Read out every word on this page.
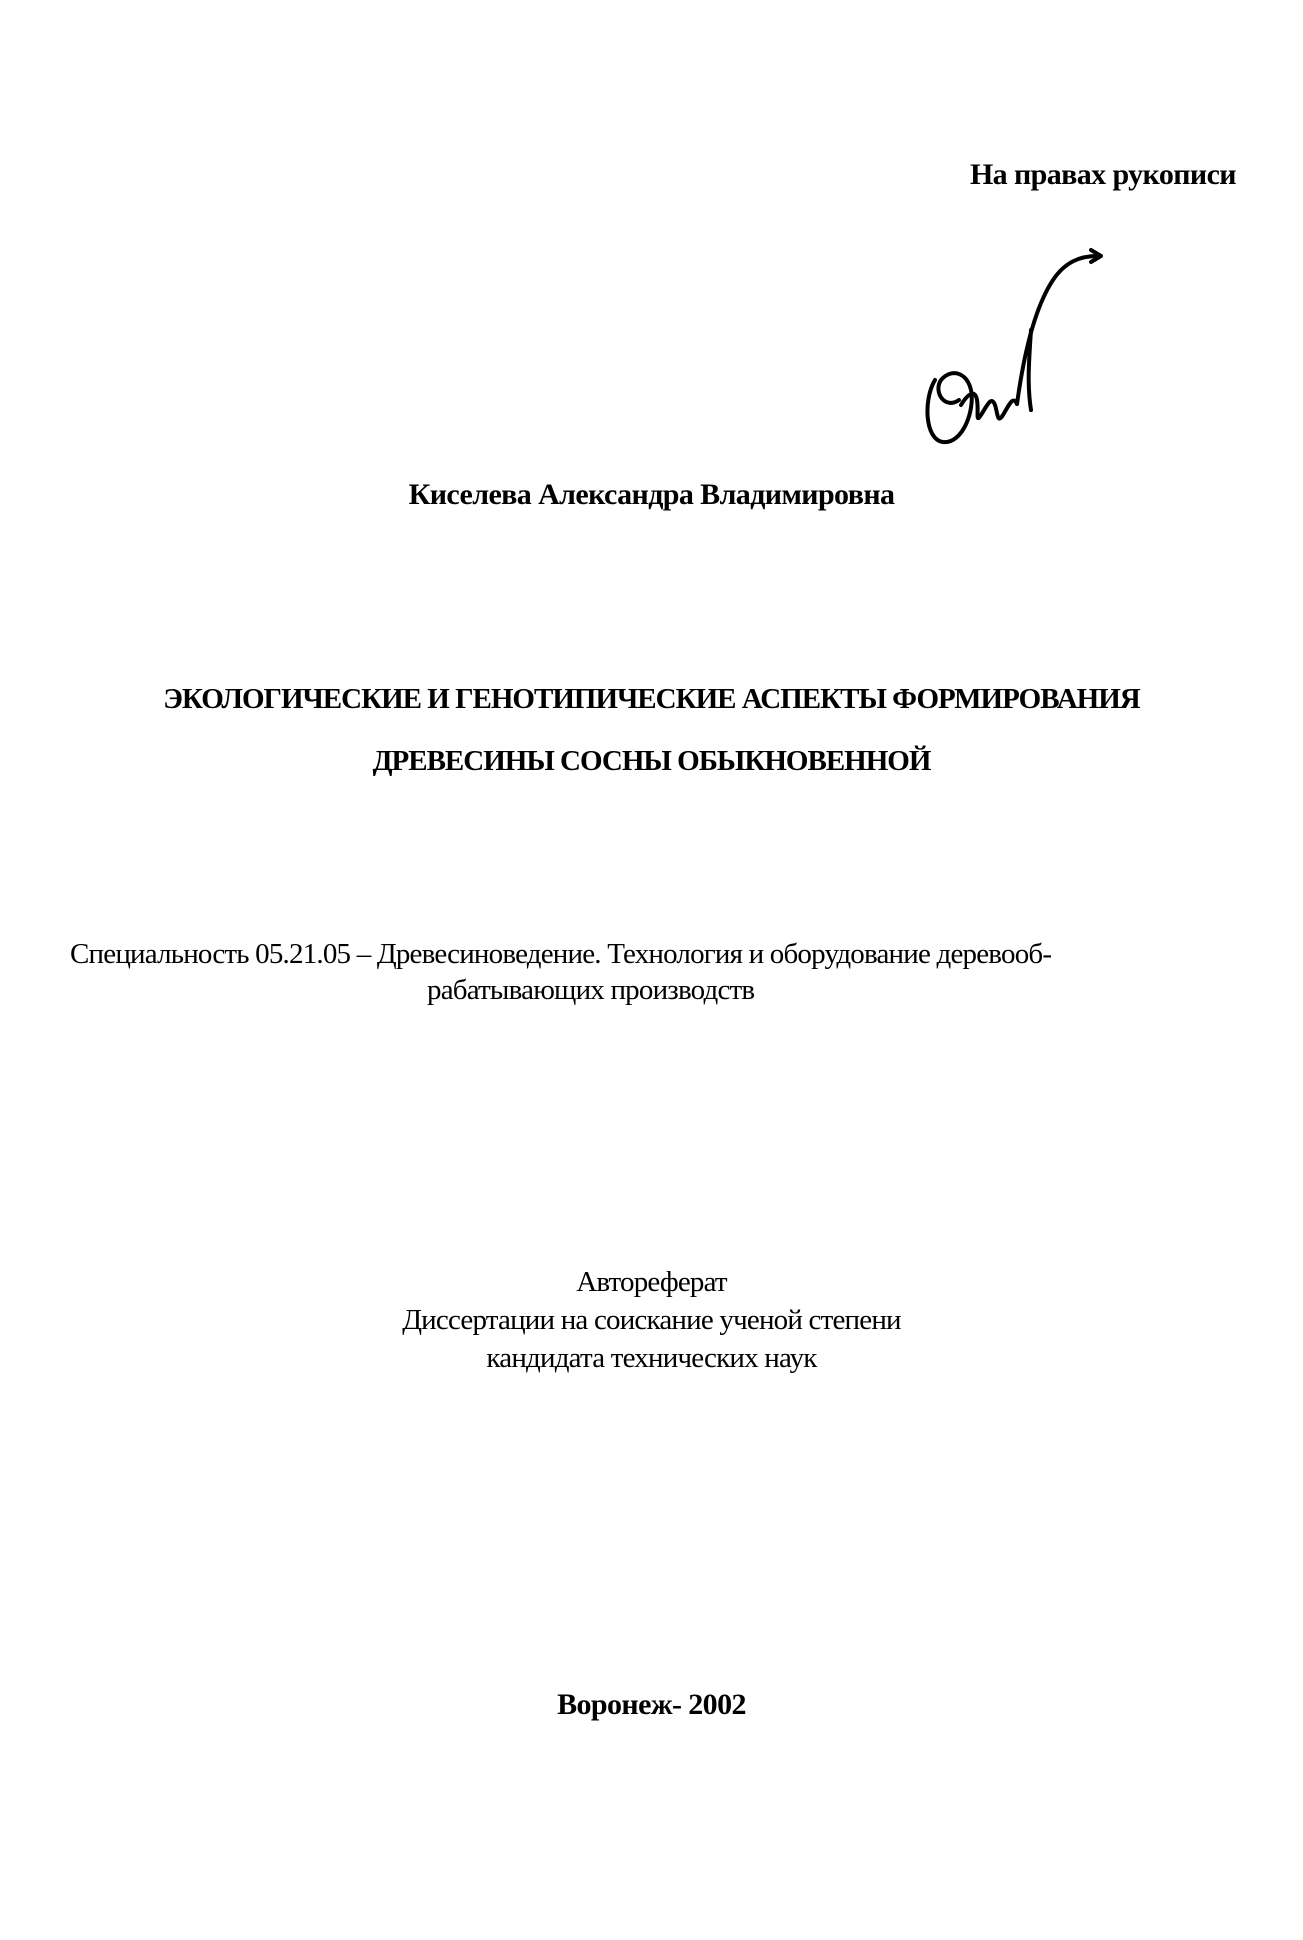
На правах рукописи
Киселева Александра Владимировна
ЭКОЛОГИЧЕСКИЕ И ГЕНОТИПИЧЕСКИЕ АСПЕКТЫ ФОРМИРОВАНИЯ
ДРЕВЕСИНЫ СОСНЫ ОБЫКНОВЕННОЙ
Специальность 05.21.05 – Древесиноведение. Технология и оборудование деревооб-
рабатывающих производств
Автореферат
Диссертации на соискание ученой степени
кандидата технических наук
Воронеж- 2002
